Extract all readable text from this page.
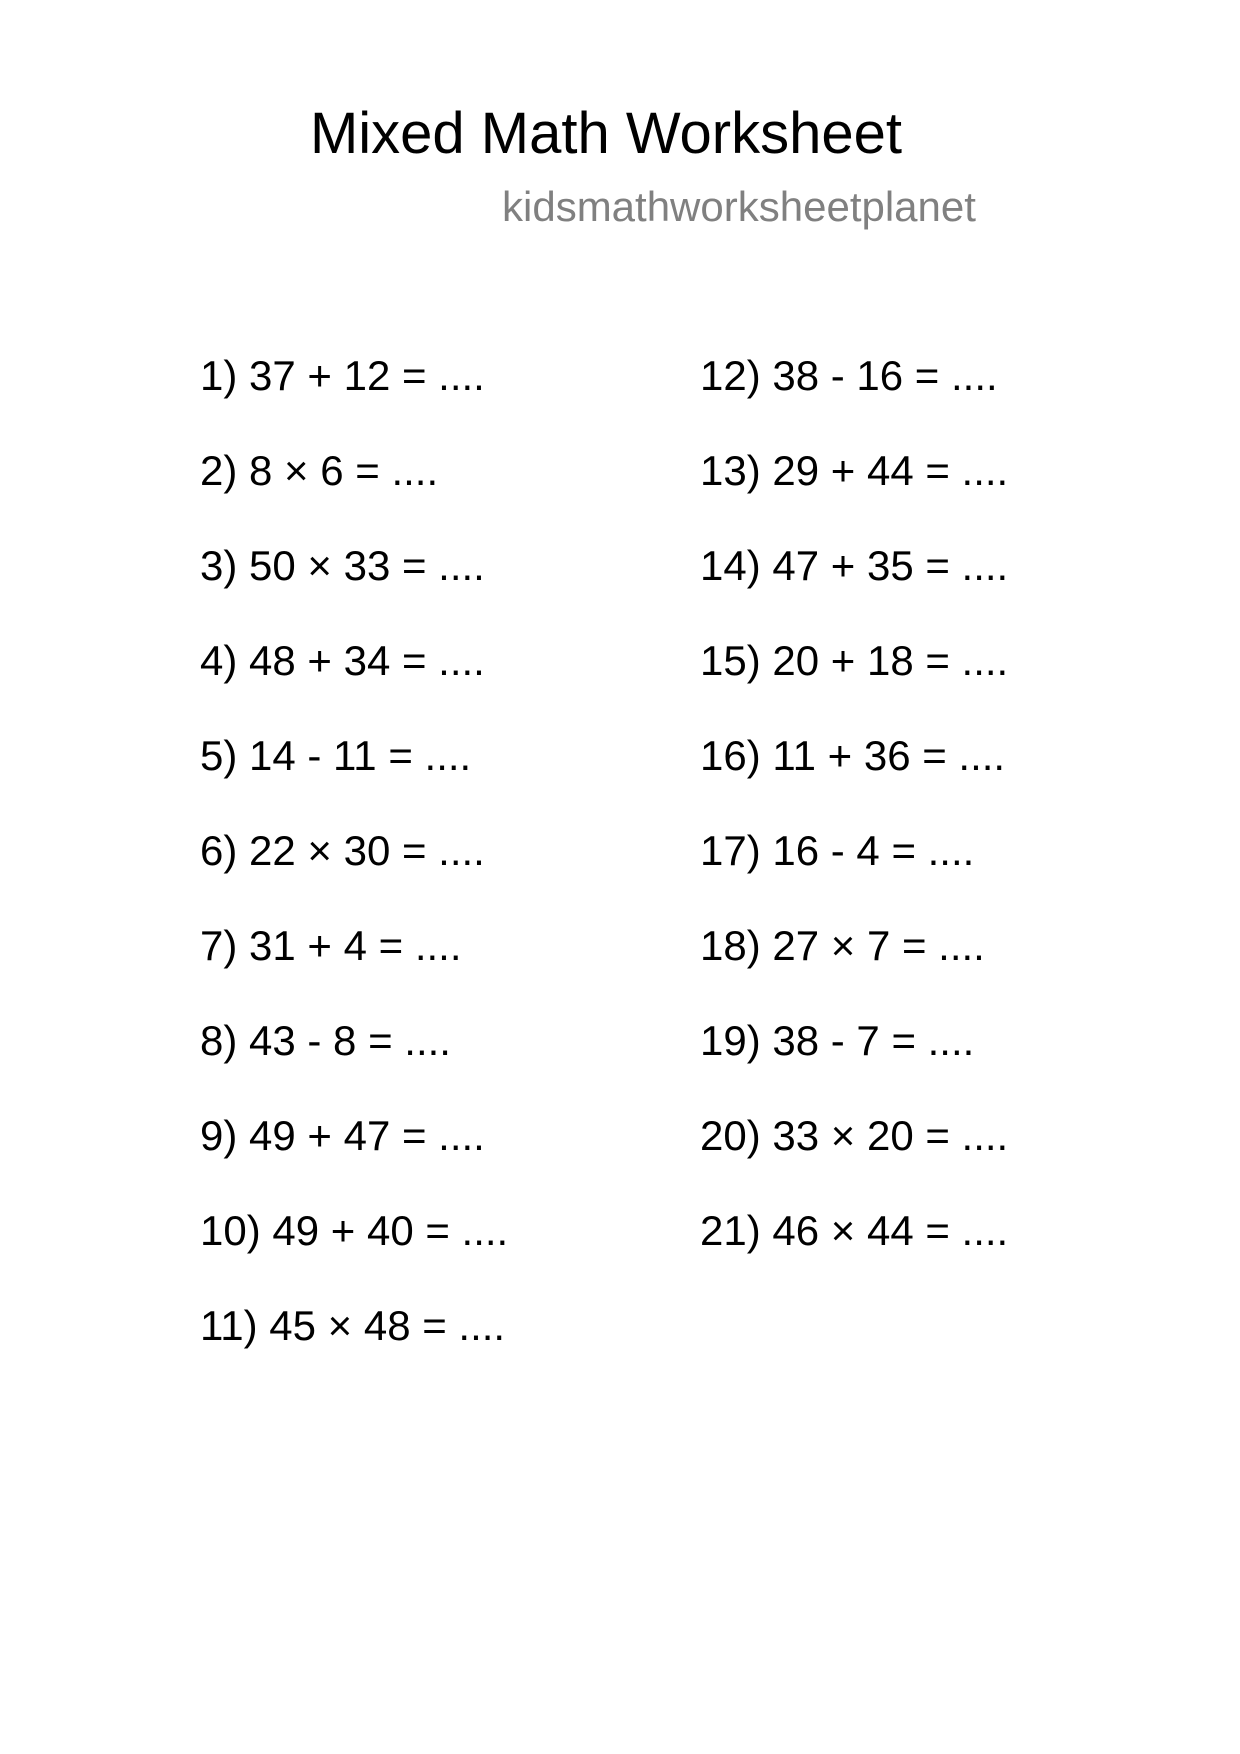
Mixed Math Worksheet
kidsmathworksheetplanet
1) 37 + 12 = ....
2) 8 × 6 = ....
3) 50 × 33 = ....
4) 48 + 34 = ....
5) 14 - 11 = ....
6) 22 × 30 = ....
7) 31 + 4 = ....
8) 43 - 8 = ....
9) 49 + 47 = ....
10) 49 + 40 = ....
11) 45 × 48 = ....
12) 38 - 16 = ....
13) 29 + 44 = ....
14) 47 + 35 = ....
15) 20 + 18 = ....
16) 11 + 36 = ....
17) 16 - 4 = ....
18) 27 × 7 = ....
19) 38 - 7 = ....
20) 33 × 20 = ....
21) 46 × 44 = ....
